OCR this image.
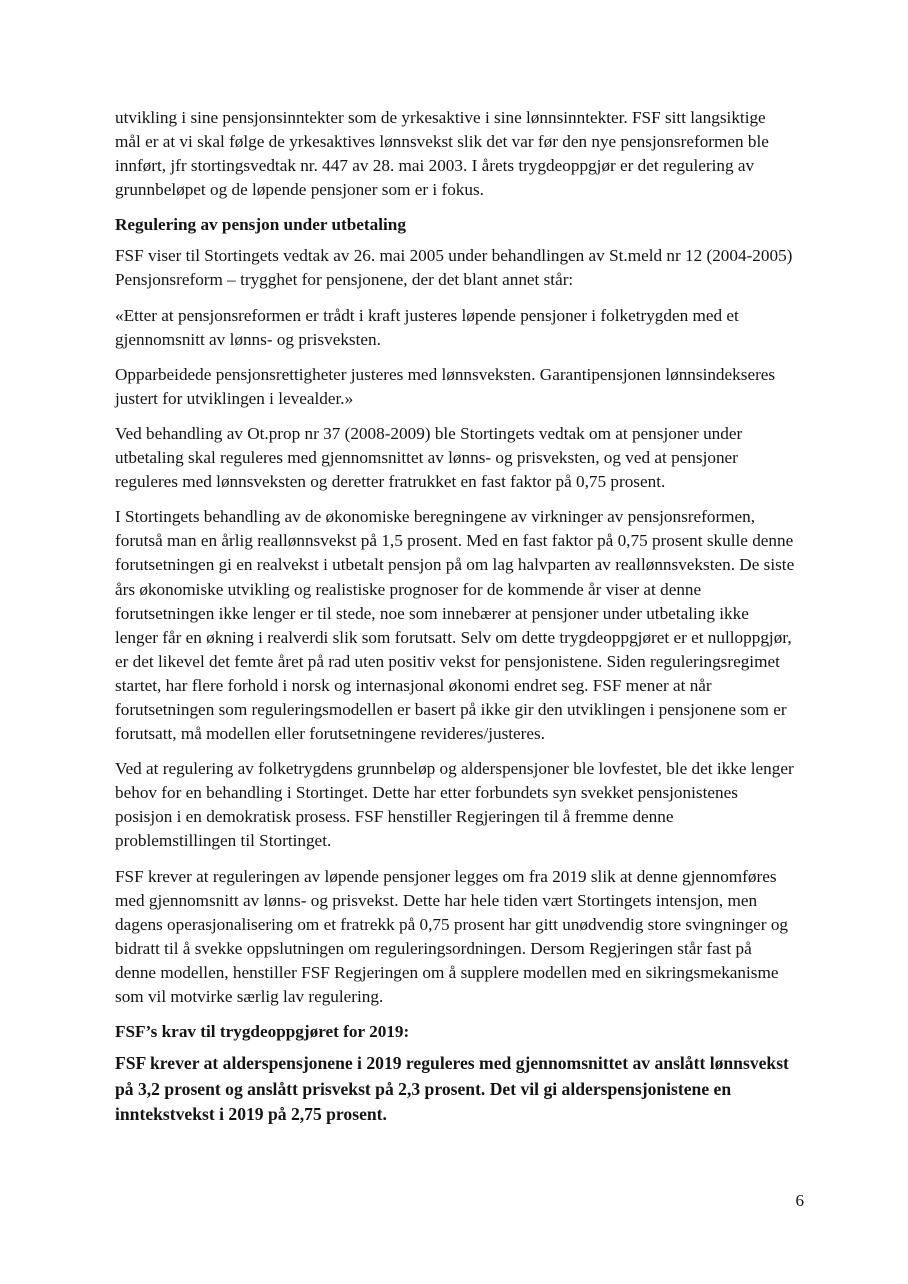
utvikling i sine pensjonsinntekter som de yrkesaktive i sine lønnsinntekter. FSF sitt langsiktige mål er at vi skal følge de yrkesaktives lønnsvekst slik det var før den nye pensjonsreformen ble innført, jfr stortingsvedtak nr. 447 av 28. mai 2003. I årets trygdeoppgjør er det regulering av grunnbeløpet og de løpende pensjoner som er i fokus.

Regulering av pensjon under utbetaling

FSF viser til Stortingets vedtak av 26. mai 2005 under behandlingen av St.meld nr 12 (2004-2005) Pensjonsreform – trygghet for pensjonene, der det blant annet står:

«Etter at pensjonsreformen er trådt i kraft justeres løpende pensjoner i folketrygden med et gjennomsnitt av lønns- og prisveksten.

Opparbeidede pensjonsrettigheter justeres med lønnsveksten. Garantipensjonen lønnsindekseres justert for utviklingen i levealder.»

Ved behandling av Ot.prop nr 37 (2008-2009) ble Stortingets vedtak om at pensjoner under utbetaling skal reguleres med gjennomsnittet av lønns- og prisveksten, og ved at pensjoner reguleres med lønnsveksten og deretter fratrukket en fast faktor på 0,75 prosent.

I Stortingets behandling av de økonomiske beregningene av virkninger av pensjonsreformen, forutså man en årlig reallønnsvekst på 1,5 prosent. Med en fast faktor på 0,75 prosent skulle denne forutsetningen gi en realvekst i utbetalt pensjon på om lag halvparten av reallønnsveksten. De siste års økonomiske utvikling og realistiske prognoser for de kommende år viser at denne forutsetningen ikke lenger er til stede, noe som innebærer at pensjoner under utbetaling ikke lenger får en økning i realverdi slik som forutsatt. Selv om dette trygdeoppgjøret er et nulloppgjør, er det likevel det femte året på rad uten positiv vekst for pensjonistene. Siden reguleringsregimet startet, har flere forhold i norsk og internasjonal økonomi endret seg. FSF mener at når forutsetningen som reguleringsmodellen er basert på ikke gir den utviklingen i pensjonene som er forutsatt, må modellen eller forutsetningene revideres/justeres.

Ved at regulering av folketrygdens grunnbeløp og alderspensjoner ble lovfestet, ble det ikke lenger behov for en behandling i Stortinget. Dette har etter forbundets syn svekket pensjonistenes posisjon i en demokratisk prosess. FSF henstiller Regjeringen til å fremme denne problemstillingen til Stortinget.

FSF krever at reguleringen av løpende pensjoner legges om fra 2019 slik at denne gjennomføres med gjennomsnitt av lønns- og prisvekst. Dette har hele tiden vært Stortingets intensjon, men dagens operasjonalisering om et fratrekk på 0,75 prosent har gitt unødvendig store svingninger og bidratt til å svekke oppslutningen om reguleringsordningen. Dersom Regjeringen står fast på denne modellen, henstiller FSF Regjeringen om å supplere modellen med en sikringsmekanisme som vil motvirke særlig lav regulering.

FSF’s krav til trygdeoppgjøret for 2019:

FSF krever at alderspensjonene i 2019 reguleres med gjennomsnittet av anslått lønnsvekst på 3,2 prosent og anslått prisvekst på 2,3 prosent. Det vil gi alderspensjonistene en inntekstvekst i 2019 på 2,75 prosent.

6
